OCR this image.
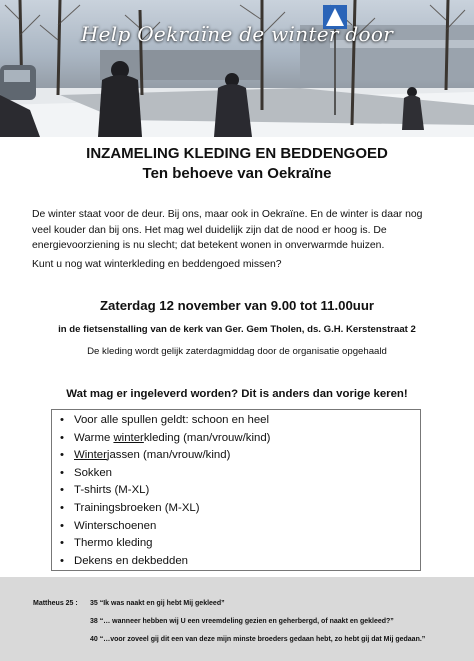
Help Oekraïne de winter door
INZAMELING KLEDING EN BEDDENGOED
Ten behoeve van Oekraïne

De winter staat voor de deur. Bij ons, maar ook in Oekraïne. En de winter is daar nog veel kouder dan bij ons. Het mag wel duidelijk zijn dat de nood er hoog is. De energievoorziening is nu slecht; dat betekent wonen in onverwarmde huizen.

Kunt u nog wat winterkleding en beddengoed missen?

Zaterdag 12 november van 9.00 tot 11.00uur

in de fietsenstalling van de kerk van Ger. Gem Tholen, ds. G.H. Kerstenstraat 2

De kleding wordt gelijk zaterdagmiddag door de organisatie opgehaald

Wat mag er ingeleverd worden? Dit is anders dan vorige keren!

• Voor alle spullen geldt: schoon en heel
• Warme winterkleding (man/vrouw/kind)
• Winterjassen (man/vrouw/kind)
• Sokken
• T-shirts (M-XL)
• Trainingsbroeken (M-XL)
• Winterschoenen
• Thermo kleding
• Dekens en dekbedden
Mattheus 25 : 35 “Ik was naakt en gij hebt Mij gekleed”
38 “… wanneer hebben wij U een vreemdeling gezien en geherbergd, of naakt en gekleed?”
40 “…voor zoveel gij dit een van deze mijn minste broeders gedaan hebt, zo hebt gij dat Mij gedaan.”
